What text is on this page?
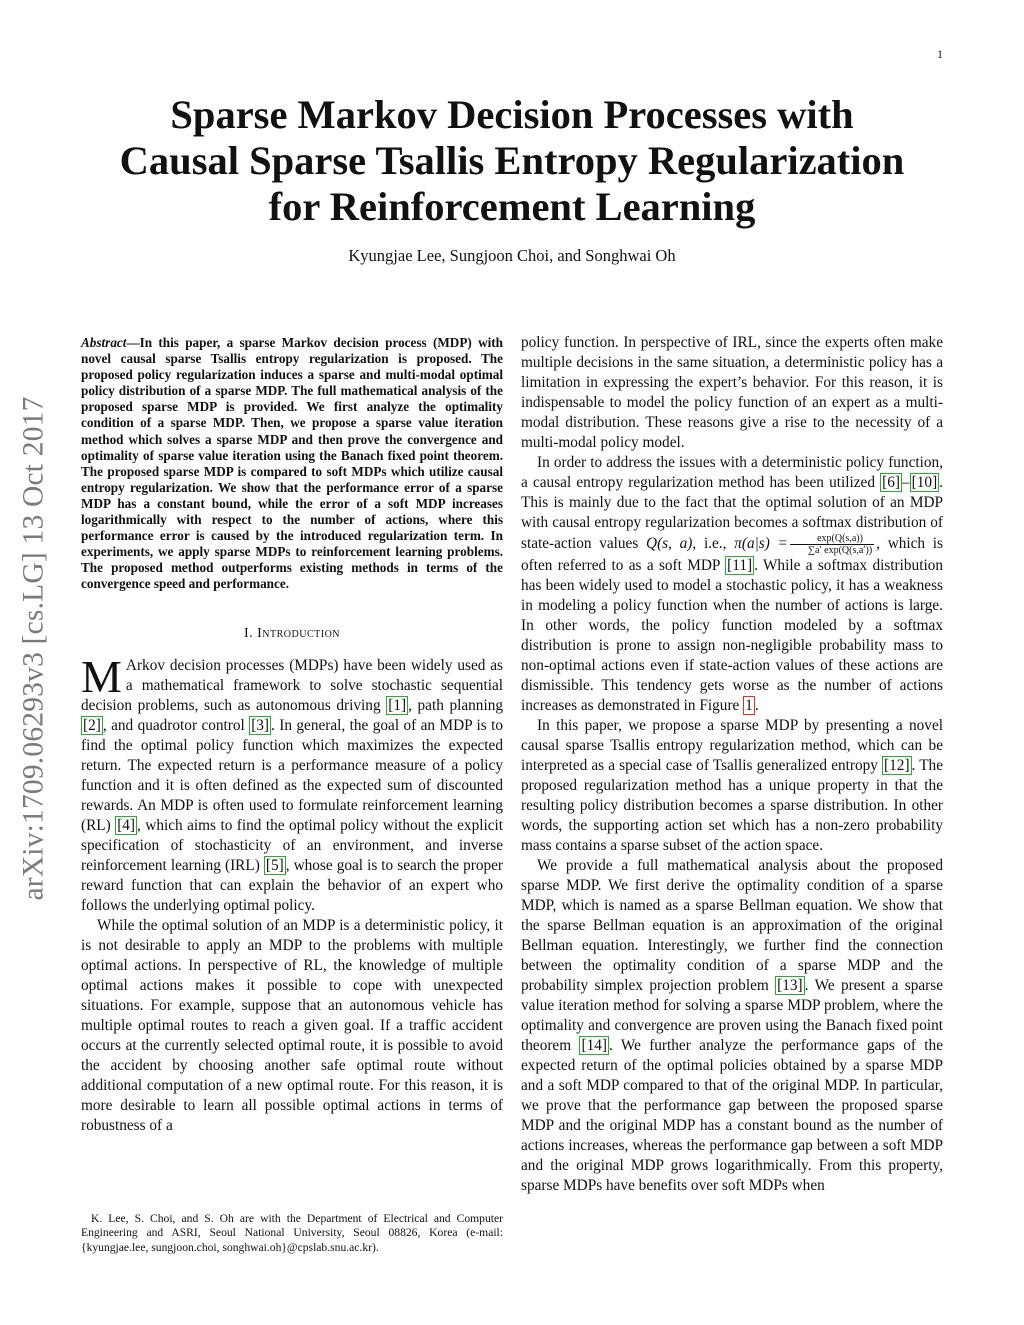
1
arXiv:1709.06293v3 [cs.LG] 13 Oct 2017
Sparse Markov Decision Processes with
Causal Sparse Tsallis Entropy Regularization
for Reinforcement Learning
Kyungjae Lee, Sungjoon Choi, and Songhwai Oh

Abstract—In this paper, a sparse Markov decision process (MDP) with novel causal sparse Tsallis entropy regularization is proposed. The proposed policy regularization induces a sparse and multi-modal optimal policy distribution of a sparse MDP. The full mathematical analysis of the proposed sparse MDP is provided. We first analyze the optimality condition of a sparse MDP. Then, we propose a sparse value iteration method which solves a sparse MDP and then prove the convergence and optimality of sparse value iteration using the Banach fixed point theorem. The proposed sparse MDP is compared to soft MDPs which utilize causal entropy regularization. We show that the performance error of a sparse MDP has a constant bound, while the error of a soft MDP increases logarithmically with respect to the number of actions, where this performance error is caused by the introduced regularization term. In experiments, we apply sparse MDPs to reinforcement learning problems. The proposed method outperforms existing methods in terms of the convergence speed and performance.

I. Introduction

M Arkov decision processes (MDPs) have been widely used as a mathematical framework to solve stochastic sequential decision problems, such as autonomous driving [1] , path planning [2] , and quadrotor control [3] . In general, the goal of an MDP is to find the optimal policy function which maximizes the expected return. The expected return is a performance measure of a policy function and it is often defined as the expected sum of discounted rewards. An MDP is often used to formulate reinforcement learning (RL) [4] , which aims to find the optimal policy without the explicit specification of stochasticity of an environment, and inverse reinforcement learning (IRL) [5] , whose goal is to search the proper reward function that can explain the behavior of an expert who follows the underlying optimal policy.

While the optimal solution of an MDP is a deterministic policy, it is not desirable to apply an MDP to the problems with multiple optimal actions. In perspective of RL, the knowledge of multiple optimal actions makes it possible to cope with unexpected situations. For example, suppose that an autonomous vehicle has multiple optimal routes to reach a given goal. If a traffic accident occurs at the currently selected optimal route, it is possible to avoid the accident by choosing another safe optimal route without additional computation of a new optimal route. For this reason, it is more desirable to learn all possible optimal actions in terms of robustness of a

K. Lee, S. Choi, and S. Oh are with the Department of Electrical and Computer Engineering and ASRI, Seoul National University, Seoul 08826, Korea (e-mail: {kyungjae.lee, sungjoon.choi, songhwai.oh}@cpslab.snu.ac.kr).

policy function. In perspective of IRL, since the experts often make multiple decisions in the same situation, a deterministic policy has a limitation in expressing the expert’s behavior. For this reason, it is indispensable to model the policy function of an expert as a multi-modal distribution. These reasons give a rise to the necessity of a multi-modal policy model.

In order to address the issues with a deterministic policy function, a causal entropy regularization method has been utilized [6] – [10] . This is mainly due to the fact that the optimal solution of an MDP with causal entropy regularization becomes a softmax distribution of state-action values Q(s, a), i.e., $\pi(a|s) = \frac{\exp(Q(s,a))}{\sum a' \exp(Q(s,a'))}$ , which is often referred to as a soft MDP [11] . While a softmax distribution has been widely used to model a stochastic policy, it has a weakness in modeling a policy function when the number of actions is large. In other words, the policy function modeled by a softmax distribution is prone to assign non-negligible probability mass to non-optimal actions even if state-action values of these actions are dismissible. This tendency gets worse as the number of actions increases as demonstrated in Figure 1 .

In this paper, we propose a sparse MDP by presenting a novel causal sparse Tsallis entropy regularization method, which can be interpreted as a special case of Tsallis generalized entropy [12] . The proposed regularization method has a unique property in that the resulting policy distribution becomes a sparse distribution. In other words, the supporting action set which has a non-zero probability mass contains a sparse subset of the action space.

We provide a full mathematical analysis about the proposed sparse MDP. We first derive the optimality condition of a sparse MDP, which is named as a sparse Bellman equation. We show that the sparse Bellman equation is an approximation of the original Bellman equation. Interestingly, we further find the connection between the optimality condition of a sparse MDP and the probability simplex projection problem [13] . We present a sparse value iteration method for solving a sparse MDP problem, where the optimality and convergence are proven using the Banach fixed point theorem [14] . We further analyze the performance gaps of the expected return of the optimal policies obtained by a sparse MDP and a soft MDP compared to that of the original MDP. In particular, we prove that the performance gap between the proposed sparse MDP and the original MDP has a constant bound as the number of actions increases, whereas the performance gap between a soft MDP and the original MDP grows logarithmically. From this property, sparse MDPs have benefits over soft MDPs when
